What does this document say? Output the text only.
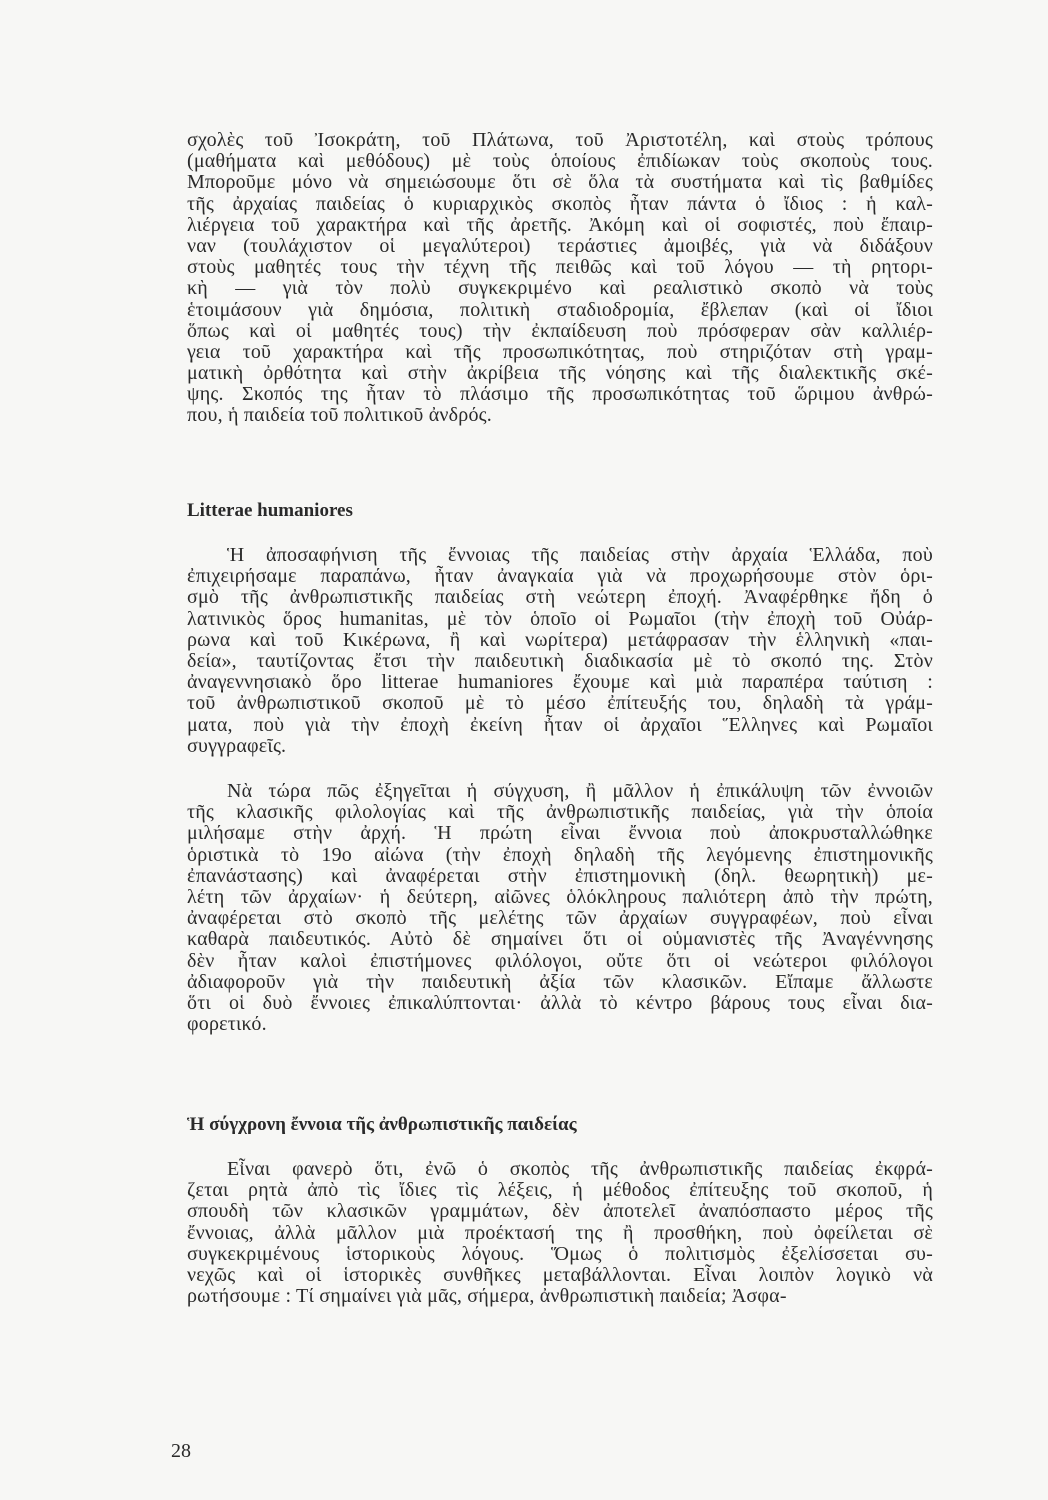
σχολὲς τοῦ Ἰσοκράτη, τοῦ Πλάτωνα, τοῦ Ἀριστοτέλη, καὶ στοὺς τρόπους
(μαθήματα καὶ μεθόδους) μὲ τοὺς ὁποίους ἐπιδίωκαν τοὺς σκοποὺς τους.
Μποροῦμε μόνο νὰ σημειώσουμε ὅτι σὲ ὅλα τὰ συστήματα καὶ τὶς βαθμίδες
τῆς ἀρχαίας παιδείας ὁ κυριαρχικὸς σκοπὸς ἦταν πάντα ὁ ἴδιος : ἡ καλ-
λιέργεια τοῦ χαρακτήρα καὶ τῆς ἀρετῆς. Ἀκόμη καὶ οἱ σοφιστές, ποὺ ἔπαιρ-
ναν (τουλάχιστον οἱ μεγαλύτεροι) τεράστιες ἀμοιβές, γιὰ νὰ διδάξουν
στοὺς μαθητές τους τὴν τέχνη τῆς πειθῶς καὶ τοῦ λόγου — τὴ ρητορι-
κὴ — γιὰ τὸν πολὺ συγκεκριμένο καὶ ρεαλιστικὸ σκοπὸ νὰ τοὺς
ἑτοιμάσουν γιὰ δημόσια, πολιτικὴ σταδιοδρομία, ἔβλεπαν (καὶ οἱ ἴδιοι
ὅπως καὶ οἱ μαθητές τους) τὴν ἐκπαίδευση ποὺ πρόσφεραν σὰν καλλιέρ-
γεια τοῦ χαρακτήρα καὶ τῆς προσωπικότητας, ποὺ στηριζόταν στὴ γραμ-
ματικὴ ὀρθότητα καὶ στὴν ἀκρίβεια τῆς νόησης καὶ τῆς διαλεκτικῆς σκέ-
ψης. Σκοπός της ἦταν τὸ πλάσιμο τῆς προσωπικότητας τοῦ ὥριμου ἀνθρώ-
που, ἡ παιδεία τοῦ πολιτικοῦ ἀνδρός.
Litterae humaniores
Ἡ ἀποσαφήνιση τῆς ἔννοιας τῆς παιδείας στὴν ἀρχαία Ἑλλάδα, ποὺ
ἐπιχειρήσαμε παραπάνω, ἦταν ἀναγκαία γιὰ νὰ προχωρήσουμε στὸν ὁρι-
σμὸ τῆς ἀνθρωπιστικῆς παιδείας στὴ νεώτερη ἐποχή. Ἀναφέρθηκε ἤδη ὁ
λατινικὸς ὅρος humanitas, μὲ τὸν ὁποῖο οἱ Ρωμαῖοι (τὴν ἐποχὴ τοῦ Οὐάρ-
ρωνα καὶ τοῦ Κικέρωνα, ἢ καὶ νωρίτερα) μετάφρασαν τὴν ἑλληνικὴ «παι-
δεία», ταυτίζοντας ἔτσι τὴν παιδευτικὴ διαδικασία μὲ τὸ σκοπό της. Στὸν
ἀναγεννησιακὸ ὅρο litterae humaniores ἔχουμε καὶ μιὰ παραπέρα ταύτιση :
τοῦ ἀνθρωπιστικοῦ σκοποῦ μὲ τὸ μέσο ἐπίτευξής του, δηλαδὴ τὰ γράμ-
ματα, ποὺ γιὰ τὴν ἐποχὴ ἐκείνη ἦταν οἱ ἀρχαῖοι Ἕλληνες καὶ Ρωμαῖοι
συγγραφεῖς.
Νὰ τώρα πῶς ἐξηγεῖται ἡ σύγχυση, ἢ μᾶλλον ἡ ἐπικάλυψη τῶν ἐννοιῶν
τῆς κλασικῆς φιλολογίας καὶ τῆς ἀνθρωπιστικῆς παιδείας, γιὰ τὴν ὁποία
μιλήσαμε στὴν ἀρχή. Ἡ πρώτη εἶναι ἔννοια ποὺ ἀποκρυσταλλώθηκε
ὁριστικὰ τὸ 19ο αἰώνα (τὴν ἐποχὴ δηλαδὴ τῆς λεγόμενης ἐπιστημονικῆς
ἐπανάστασης) καὶ ἀναφέρεται στὴν ἐπιστημονικὴ (δηλ. θεωρητικὴ) με-
λέτη τῶν ἀρχαίων· ἡ δεύτερη, αἰῶνες ὁλόκληρους παλιότερη ἀπὸ τὴν πρώτη,
ἀναφέρεται στὸ σκοπὸ τῆς μελέτης τῶν ἀρχαίων συγγραφέων, ποὺ εἶναι
καθαρὰ παιδευτικός. Αὐτὸ δὲ σημαίνει ὅτι οἱ οὑμανιστὲς τῆς Ἀναγέννησης
δὲν ἦταν καλοὶ ἐπιστήμονες φιλόλογοι, οὔτε ὅτι οἱ νεώτεροι φιλόλογοι
ἀδιαφοροῦν γιὰ τὴν παιδευτικὴ ἀξία τῶν κλασικῶν. Εἴπαμε ἄλλωστε
ὅτι οἱ δυὸ ἔννοιες ἐπικαλύπτονται· ἀλλὰ τὸ κέντρο βάρους τους εἶναι δια-
φορετικό.
Ἡ σύγχρονη ἔννοια τῆς ἀνθρωπιστικῆς παιδείας
Εἶναι φανερὸ ὅτι, ἐνῶ ὁ σκοπὸς τῆς ἀνθρωπιστικῆς παιδείας ἐκφρά-
ζεται ρητὰ ἀπὸ τὶς ἴδιες τὶς λέξεις, ἡ μέθοδος ἐπίτευξης τοῦ σκοποῦ, ἡ
σπουδὴ τῶν κλασικῶν γραμμάτων, δὲν ἀποτελεῖ ἀναπόσπαστο μέρος τῆς
ἔννοιας, ἀλλὰ μᾶλλον μιὰ προέκτασή της ἢ προσθήκη, ποὺ ὀφείλεται σὲ
συγκεκριμένους ἱστορικοὺς λόγους. Ὅμως ὁ πολιτισμὸς ἐξελίσσεται συ-
νεχῶς καὶ οἱ ἱστορικὲς συνθῆκες μεταβάλλονται. Εἶναι λοιπὸν λογικὸ νὰ
ρωτήσουμε : Τί σημαίνει γιὰ μᾶς, σήμερα, ἀνθρωπιστικὴ παιδεία; Ἀσφα-
28
